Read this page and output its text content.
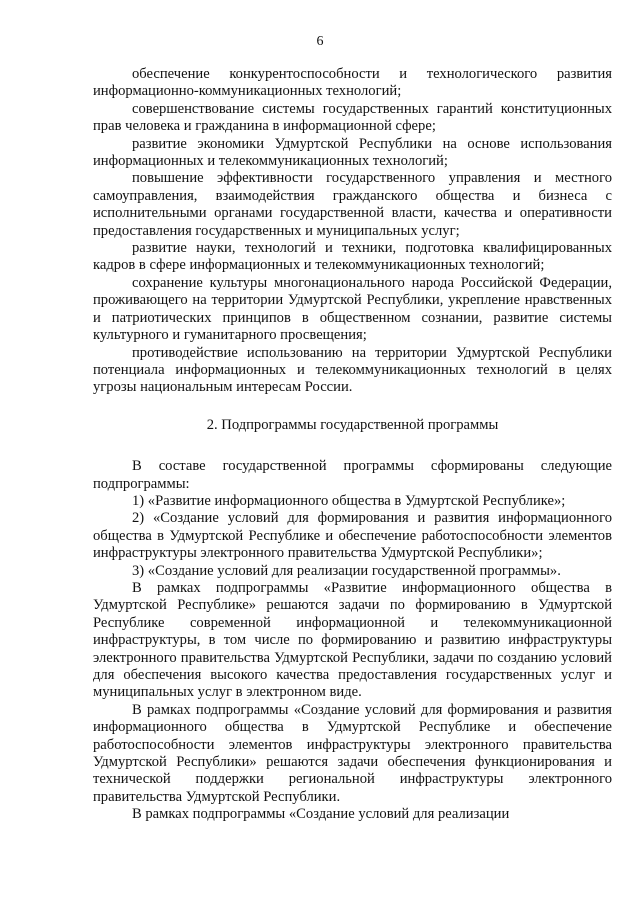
6

обеспечение конкурентоспособности и технологического развития информационно-коммуникационных технологий;

совершенствование системы государственных гарантий конституционных прав человека и гражданина в информационной сфере;

развитие экономики Удмуртской Республики на основе использования информационных и телекоммуникационных технологий;

повышение эффективности государственного управления и местного самоуправления, взаимодействия гражданского общества и бизнеса с исполнительными органами государственной власти, качества и оперативности предоставления государственных и муниципальных услуг;

развитие науки, технологий и техники, подготовка квалифицированных кадров в сфере информационных и телекоммуникационных технологий;

сохранение культуры многонационального народа Российской Федерации, проживающего на территории Удмуртской Республики, укрепление нравственных и патриотических принципов в общественном сознании, развитие системы культурного и гуманитарного просвещения;

противодействие использованию на территории Удмуртской Республики потенциала информационных и телекоммуникационных технологий в целях угрозы национальным интересам России.

2. Подпрограммы государственной программы

В составе государственной программы сформированы следующие подпрограммы:

1) «Развитие информационного общества в Удмуртской Республике»;

2) «Создание условий для формирования и развития информационного общества в Удмуртской Республике и обеспечение работоспособности элементов инфраструктуры электронного правительства Удмуртской Республики»;

3) «Создание условий для реализации государственной программы».

В рамках подпрограммы «Развитие информационного общества в Удмуртской Республике» решаются задачи по формированию в Удмуртской Республике современной информационной и телекоммуникационной инфраструктуры, в том числе по формированию и развитию инфраструктуры электронного правительства Удмуртской Республики, задачи по созданию условий для обеспечения высокого качества предоставления государственных услуг и муниципальных услуг в электронном виде.

В рамках подпрограммы «Создание условий для формирования и развития информационного общества в Удмуртской Республике и обеспечение работоспособности элементов инфраструктуры электронного правительства Удмуртской Республики» решаются задачи обеспечения функционирования и технической поддержки региональной инфраструктуры электронного правительства Удмуртской Республики.

В рамках подпрограммы «Создание условий для реализации
